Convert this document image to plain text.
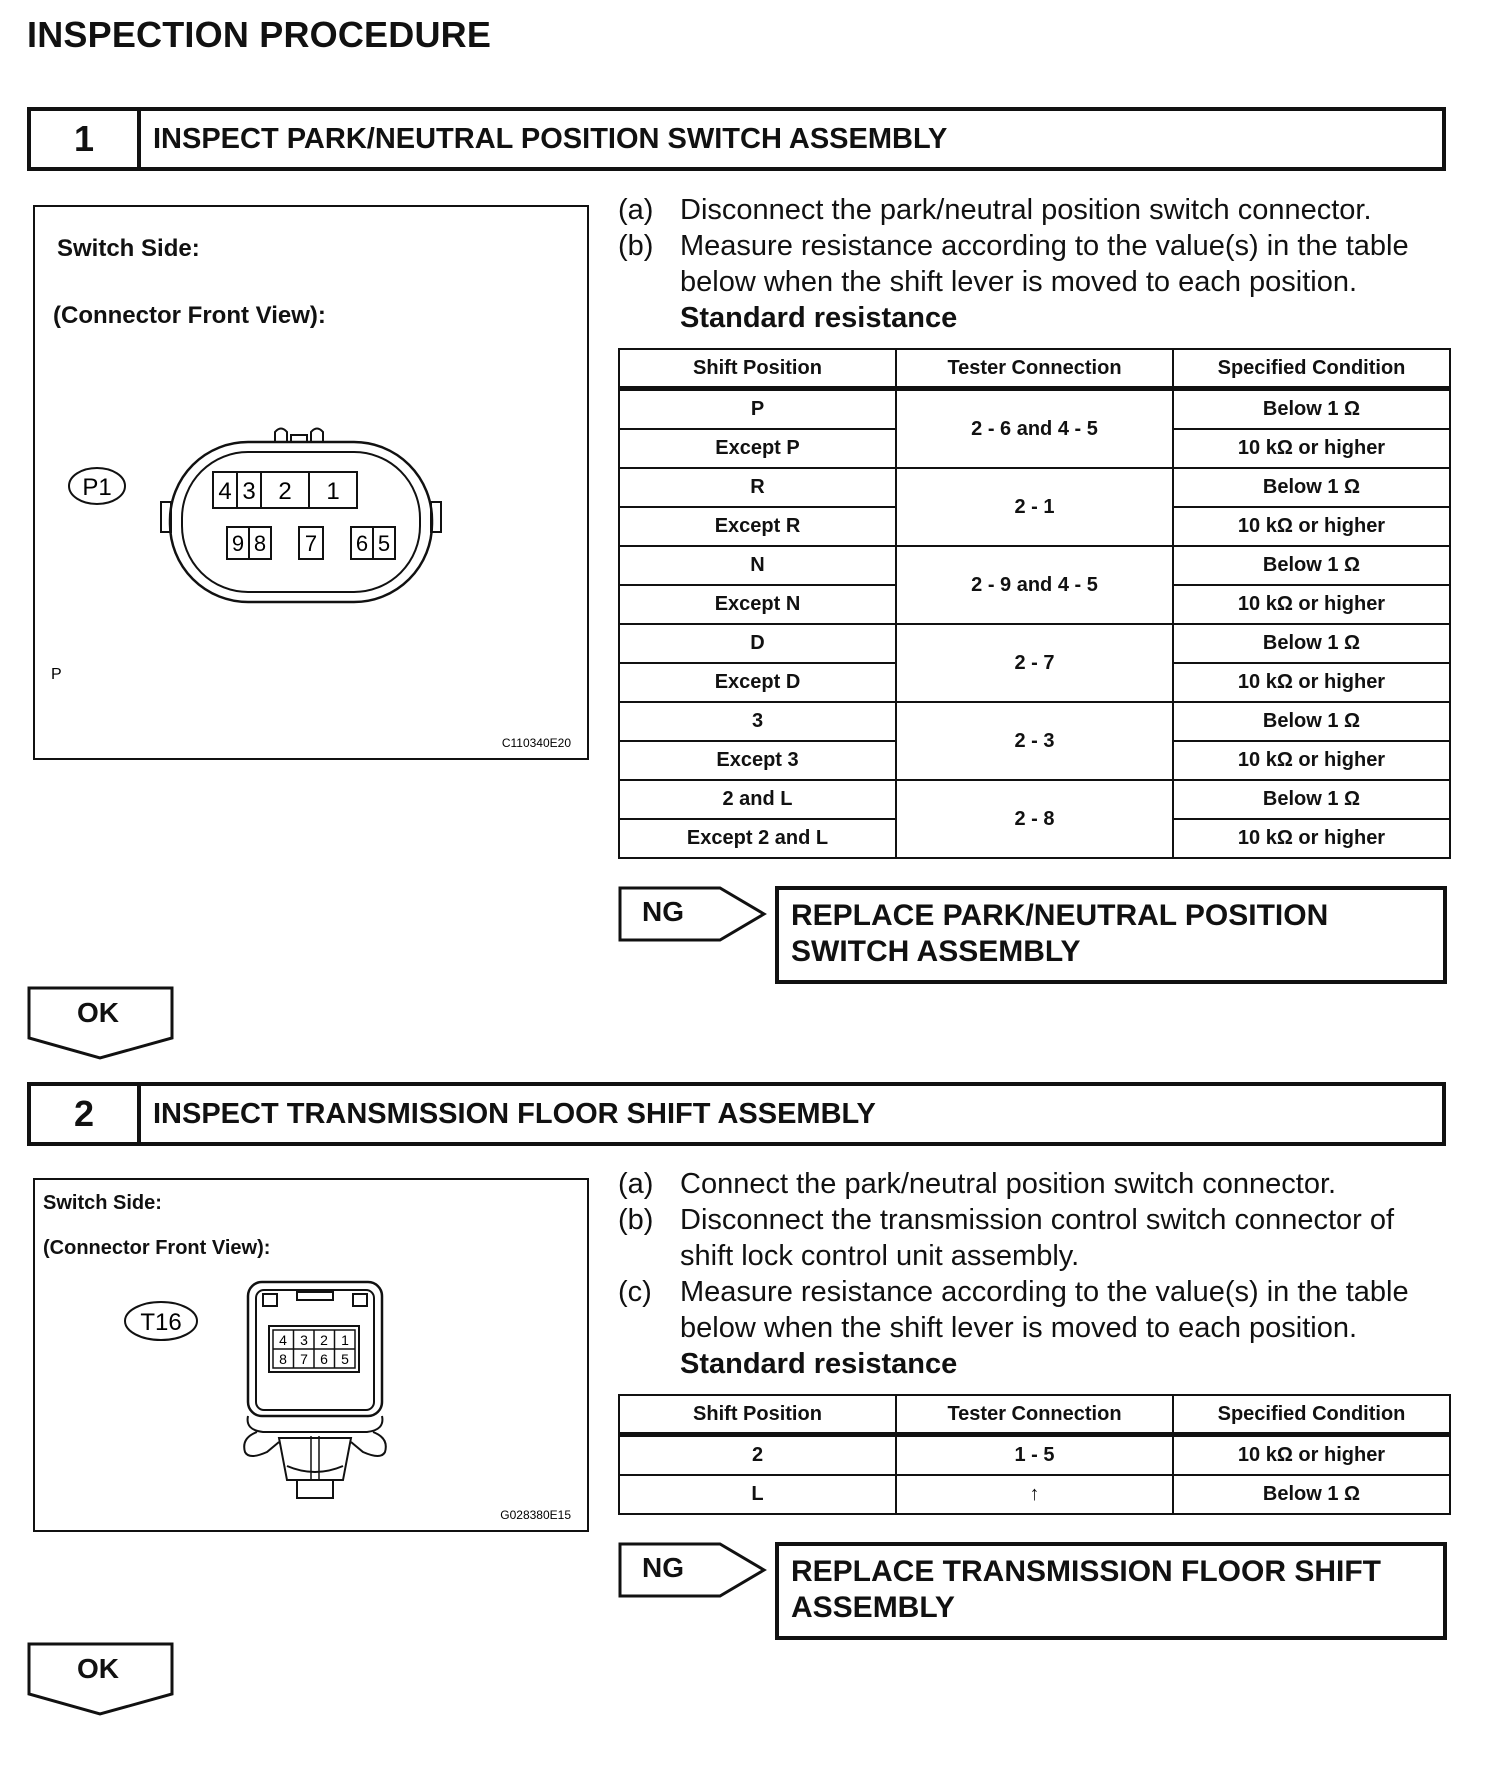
INSPECTION PROCEDURE
1	INSPECT PARK/NEUTRAL POSITION SWITCH ASSEMBLY
Switch Side:
(Connector Front View):
P1	4 3 2 1
9 8 7 6 5
P
C110340E20
(a) Disconnect the park/neutral position switch connector.
(b) Measure resistance according to the value(s) in the table below when the shift lever is moved to each position.
Standard resistance
Shift Position	Tester Connection	Specified Condition
P	2 - 6 and 4 - 5	Below 1 Ω
Except P		10 kΩ or higher
R	2 - 1	Below 1 Ω
Except R		10 kΩ or higher
N	2 - 9 and 4 - 5	Below 1 Ω
Except N		10 kΩ or higher
D	2 - 7	Below 1 Ω
Except D		10 kΩ or higher
3	2 - 3	Below 1 Ω
Except 3		10 kΩ or higher
2 and L	2 - 8	Below 1 Ω
Except 2 and L		10 kΩ or higher
NG	REPLACE PARK/NEUTRAL POSITION
SWITCH ASSEMBLY
OK
2	INSPECT TRANSMISSION FLOOR SHIFT ASSEMBLY
Switch Side:
(Connector Front View):
T16
4 3 2 1
8 7 6 5
G028380E15
(a) Connect the park/neutral position switch connector.
(b) Disconnect the transmission control switch connector of shift lock control unit assembly.
(c) Measure resistance according to the value(s) in the table below when the shift lever is moved to each position.
Standard resistance
Shift Position	Tester Connection	Specified Condition
2	1 - 5	10 kΩ or higher
L	↑	Below 1 Ω
NG	REPLACE TRANSMISSION FLOOR SHIFT
ASSEMBLY
OK
